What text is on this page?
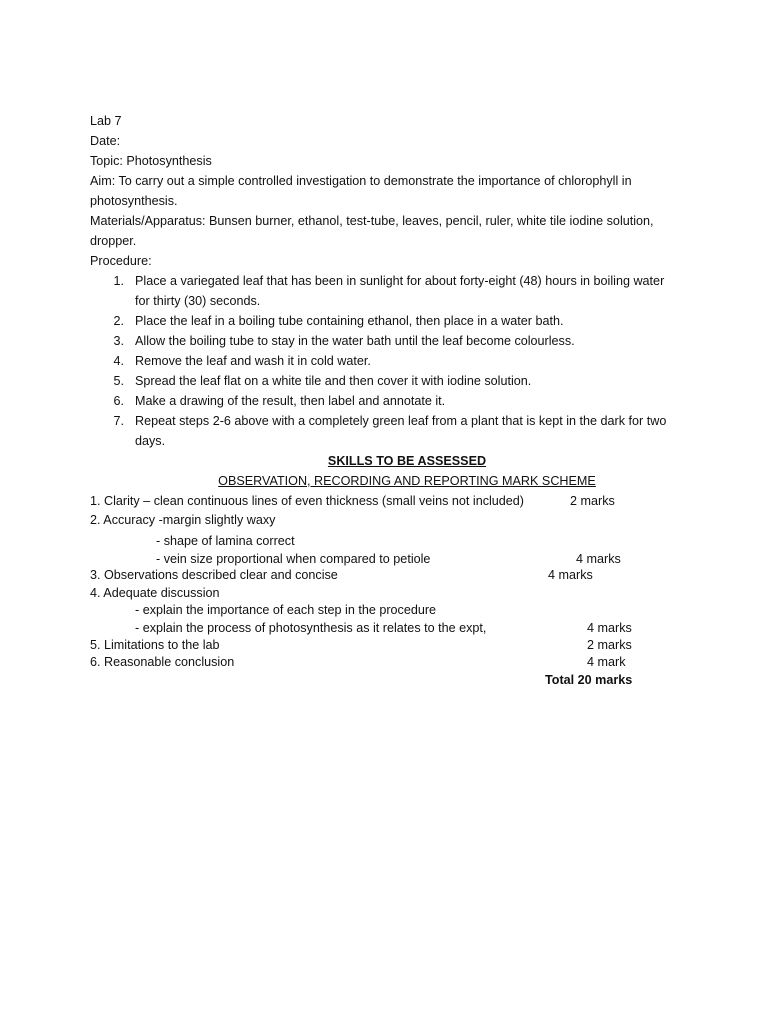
Lab 7
Date:
Topic: Photosynthesis
Aim: To carry out a simple controlled investigation to demonstrate the importance of chlorophyll in
photosynthesis.
Materials/Apparatus: Bunsen burner, ethanol, test-tube, leaves, pencil, ruler, white tile iodine solution,
dropper.
Procedure:
1. Place a variegated leaf that has been in sunlight for about forty-eight (48) hours in boiling water
for thirty (30) seconds.
2. Place the leaf in a boiling tube containing ethanol, then place in a water bath.
3. Allow the boiling tube to stay in the water bath until the leaf become colourless.
4. Remove the leaf and wash it in cold water.
5. Spread the leaf flat on a white tile and then cover it with iodine solution.
6. Make a drawing of the result, then label and annotate it.
7. Repeat steps 2-6 above with a completely green leaf from a plant that is kept in the dark for two
days.
SKILLS TO BE ASSESSED
OBSERVATION, RECORDING AND REPORTING MARK SCHEME
1. Clarity – clean continuous lines of even thickness (small veins not included)	2 marks
2. Accuracy -margin slightly waxy
- shape of lamina correct
- vein size proportional when compared to petiole	4 marks
3. Observations described clear and concise	4 marks
4. Adequate discussion
- explain the importance of each step in the procedure
- explain the process of photosynthesis as it relates to the expt,	4 marks
5. Limitations to the lab	2 marks
6. Reasonable conclusion	4 mark
Total 20 marks
